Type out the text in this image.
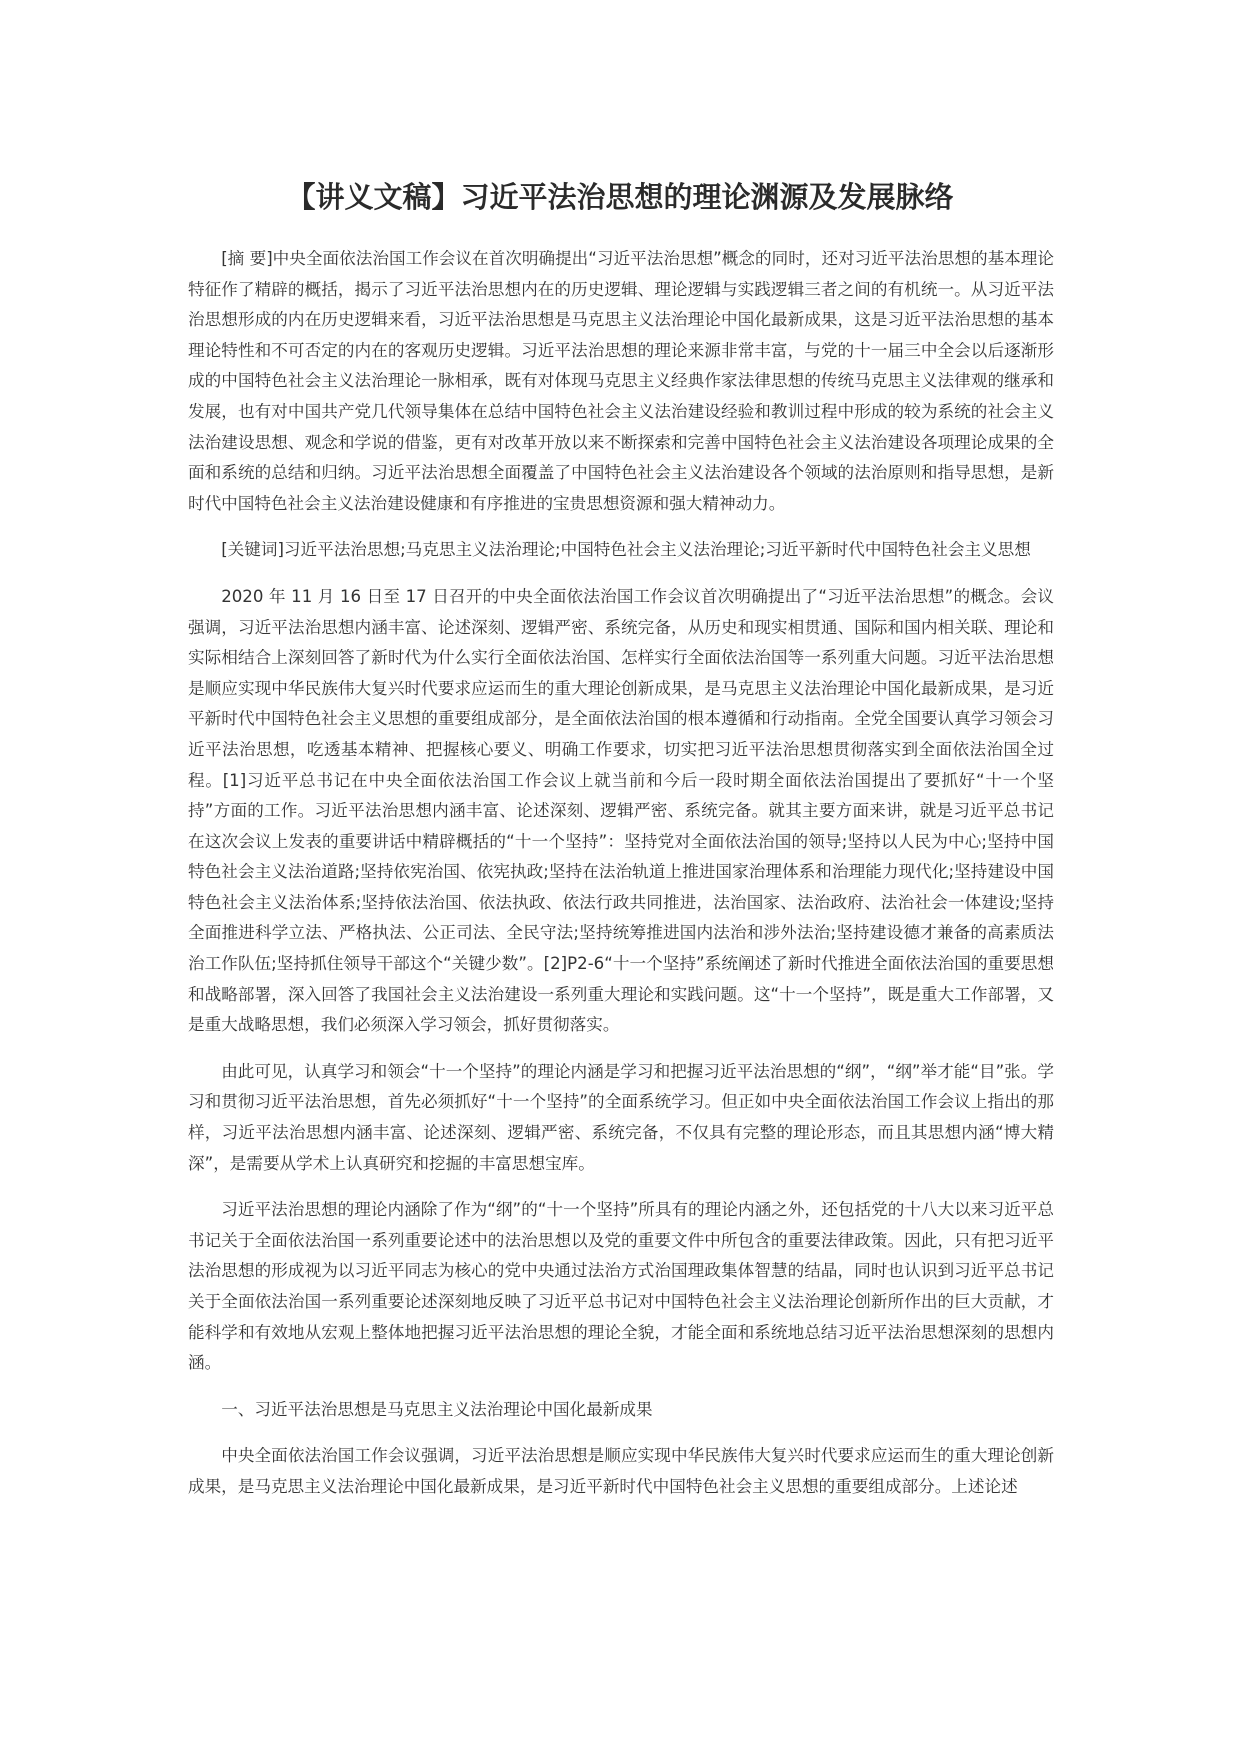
【讲义文稿】习近平法治思想的理论渊源及发展脉络

[摘 要]中央全面依法治国工作会议在首次明确提出“习近平法治思想”概念的同时，还对习近平法治思想的基本理论特征作了精辟的概括，揭示了习近平法治思想内在的历史逻辑、理论逻辑与实践逻辑三者之间的有机统一。从习近平法治思想形成的内在历史逻辑来看，习近平法治思想是马克思主义法治理论中国化最新成果，这是习近平法治思想的基本理论特性和不可否定的内在的客观历史逻辑。习近平法治思想的理论来源非常丰富，与党的十一届三中全会以后逐渐形成的中国特色社会主义法治理论一脉相承，既有对体现马克思主义经典作家法律思想的传统马克思主义法律观的继承和发展，也有对中国共产党几代领导集体在总结中国特色社会主义法治建设经验和教训过程中形成的较为系统的社会主义法治建设思想、观念和学说的借鉴，更有对改革开放以来不断探索和完善中国特色社会主义法治建设各项理论成果的全面和系统的总结和归纳。习近平法治思想全面覆盖了中国特色社会主义法治建设各个领域的法治原则和指导思想，是新时代中国特色社会主义法治建设健康和有序推进的宝贵思想资源和强大精神动力。

[关键词]习近平法治思想;马克思主义法治理论;中国特色社会主义法治理论;习近平新时代中国特色社会主义思想

2020 年 11 月 16 日至 17 日召开的中央全面依法治国工作会议首次明确提出了“习近平法治思想”的概念。会议强调，习近平法治思想内涵丰富、论述深刻、逻辑严密、系统完备，从历史和现实相贯通、国际和国内相关联、理论和实际相结合上深刻回答了新时代为什么实行全面依法治国、怎样实行全面依法治国等一系列重大问题。习近平法治思想是顺应实现中华民族伟大复兴时代要求应运而生的重大理论创新成果，是马克思主义法治理论中国化最新成果，是习近平新时代中国特色社会主义思想的重要组成部分，是全面依法治国的根本遵循和行动指南。全党全国要认真学习领会习近平法治思想，吃透基本精神、把握核心要义、明确工作要求，切实把习近平法治思想贯彻落实到全面依法治国全过程。[1]习近平总书记在中央全面依法治国工作会议上就当前和今后一段时期全面依法治国提出了要抓好“十一个坚持”方面的工作。习近平法治思想内涵丰富、论述深刻、逻辑严密、系统完备。就其主要方面来讲，就是习近平总书记在这次会议上发表的重要讲话中精辟概括的“十一个坚持”：坚持党对全面依法治国的领导;坚持以人民为中心;坚持中国特色社会主义法治道路;坚持依宪治国、依宪执政;坚持在法治轨道上推进国家治理体系和治理能力现代化;坚持建设中国特色社会主义法治体系;坚持依法治国、依法执政、依法行政共同推进，法治国家、法治政府、法治社会一体建设;坚持全面推进科学立法、严格执法、公正司法、全民守法;坚持统筹推进国内法治和涉外法治;坚持建设德才兼备的高素质法治工作队伍;坚持抓住领导干部这个“关键少数”。[2]P2-6“十一个坚持”系统阐述了新时代推进全面依法治国的重要思想和战略部署，深入回答了我国社会主义法治建设一系列重大理论和实践问题。这“十一个坚持”，既是重大工作部署，又是重大战略思想，我们必须深入学习领会，抓好贯彻落实。

由此可见，认真学习和领会“十一个坚持”的理论内涵是学习和把握习近平法治思想的“纲”，“纲”举才能“目”张。学习和贯彻习近平法治思想，首先必须抓好“十一个坚持”的全面系统学习。但正如中央全面依法治国工作会议上指出的那样，习近平法治思想内涵丰富、论述深刻、逻辑严密、系统完备，不仅具有完整的理论形态，而且其思想内涵“博大精深”，是需要从学术上认真研究和挖掘的丰富思想宝库。

习近平法治思想的理论内涵除了作为“纲”的“十一个坚持”所具有的理论内涵之外，还包括党的十八大以来习近平总书记关于全面依法治国一系列重要论述中的法治思想以及党的重要文件中所包含的重要法律政策。因此，只有把习近平法治思想的形成视为以习近平同志为核心的党中央通过法治方式治国理政集体智慧的结晶，同时也认识到习近平总书记关于全面依法治国一系列重要论述深刻地反映了习近平总书记对中国特色社会主义法治理论创新所作出的巨大贡献，才能科学和有效地从宏观上整体地把握习近平法治思想的理论全貌，才能全面和系统地总结习近平法治思想深刻的思想内涵。

一、习近平法治思想是马克思主义法治理论中国化最新成果

中央全面依法治国工作会议强调，习近平法治思想是顺应实现中华民族伟大复兴时代要求应运而生的重大理论创新成果，是马克思主义法治理论中国化最新成果，是习近平新时代中国特色社会主义思想的重要组成部分。上述论述
